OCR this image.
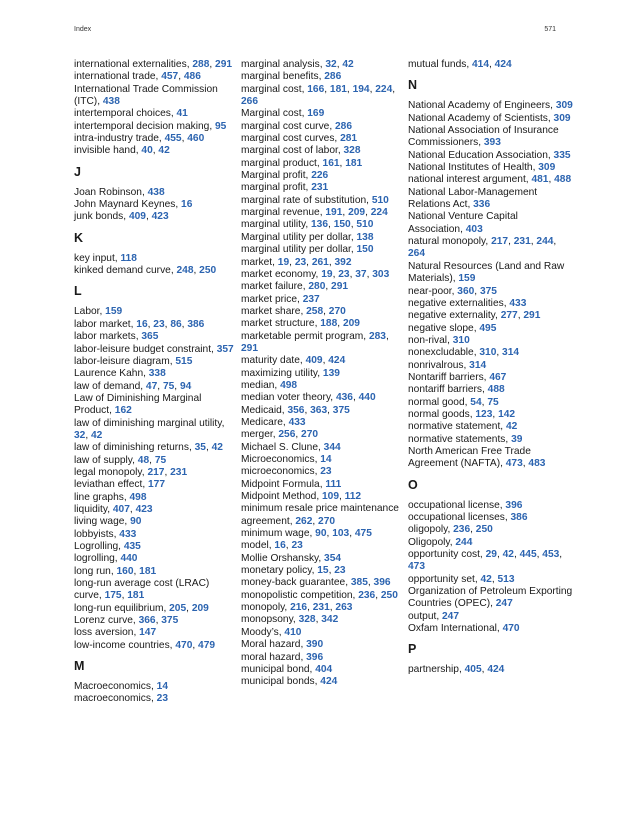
Index	571
international externalities, 288, 291
international trade, 457, 486
International Trade Commission (ITC), 438
intertemporal choices, 41
intertemporal decision making, 95
intra-industry trade, 455, 460
invisible hand, 40, 42
J
Joan Robinson, 438
John Maynard Keynes, 16
junk bonds, 409, 423
K
key input, 118
kinked demand curve, 248, 250
L
Labor, 159
labor market, 16, 23, 86, 386
labor markets, 365
labor-leisure budget constraint, 357
labor-leisure diagram, 515
Laurence Kahn, 338
law of demand, 47, 75, 94
Law of Diminishing Marginal Product, 162
law of diminishing marginal utility, 32, 42
law of diminishing returns, 35, 42
law of supply, 48, 75
legal monopoly, 217, 231
leviathan effect, 177
line graphs, 498
liquidity, 407, 423
living wage, 90
lobbyists, 433
Logrolling, 435
logrolling, 440
long run, 160, 181
long-run average cost (LRAC) curve, 175, 181
long-run equilibrium, 205, 209
Lorenz curve, 366, 375
loss aversion, 147
low-income countries, 470, 479
M
Macroeconomics, 14
macroeconomics, 23
marginal analysis, 32, 42
marginal benefits, 286
marginal cost, 166, 181, 194, 224, 266
Marginal cost, 169
marginal cost curve, 286
marginal cost curves, 281
marginal cost of labor, 328
marginal product, 161, 181
Marginal profit, 226
marginal profit, 231
marginal rate of substitution, 510
marginal revenue, 191, 209, 224
marginal utility, 136, 150, 510
Marginal utility per dollar, 138
marginal utility per dollar, 150
market, 19, 23, 261, 392
market economy, 19, 23, 37, 303
market failure, 280, 291
market price, 237
market share, 258, 270
market structure, 188, 209
marketable permit program, 283, 291
maturity date, 409, 424
maximizing utility, 139
median, 498
median voter theory, 436, 440
Medicaid, 356, 363, 375
Medicare, 433
merger, 256, 270
Michael S. Clune, 344
Microeconomics, 14
microeconomics, 23
Midpoint Formula, 111
Midpoint Method, 109, 112
minimum resale price maintenance agreement, 262, 270
minimum wage, 90, 103, 475
model, 16, 23
Mollie Orshansky, 354
monetary policy, 15, 23
money-back guarantee, 385, 396
monopolistic competition, 236, 250
monopoly, 216, 231, 263
monopsony, 328, 342
Moody’s, 410
Moral hazard, 390
moral hazard, 396
municipal bond, 404
municipal bonds, 424
mutual funds, 414, 424
N
National Academy of Engineers, 309
National Academy of Scientists, 309
National Association of Insurance Commissioners, 393
National Education Association, 335
National Institutes of Health, 309
national interest argument, 481, 488
National Labor-Management Relations Act, 336
National Venture Capital Association, 403
natural monopoly, 217, 231, 244, 264
Natural Resources (Land and Raw Materials), 159
near-poor, 360, 375
negative externalities, 433
negative externality, 277, 291
negative slope, 495
non-rival, 310
nonexcludable, 310, 314
nonrivalrous, 314
Nontariff barriers, 467
nontariff barriers, 488
normal good, 54, 75
normal goods, 123, 142
normative statement, 42
normative statements, 39
North American Free Trade Agreement (NAFTA), 473, 483
O
occupational license, 396
occupational licenses, 386
oligopoly, 236, 250
Oligopoly, 244
opportunity cost, 29, 42, 445, 453, 473
opportunity set, 42, 513
Organization of Petroleum Exporting Countries (OPEC), 247
output, 247
Oxfam International, 470
P
partnership, 405, 424
